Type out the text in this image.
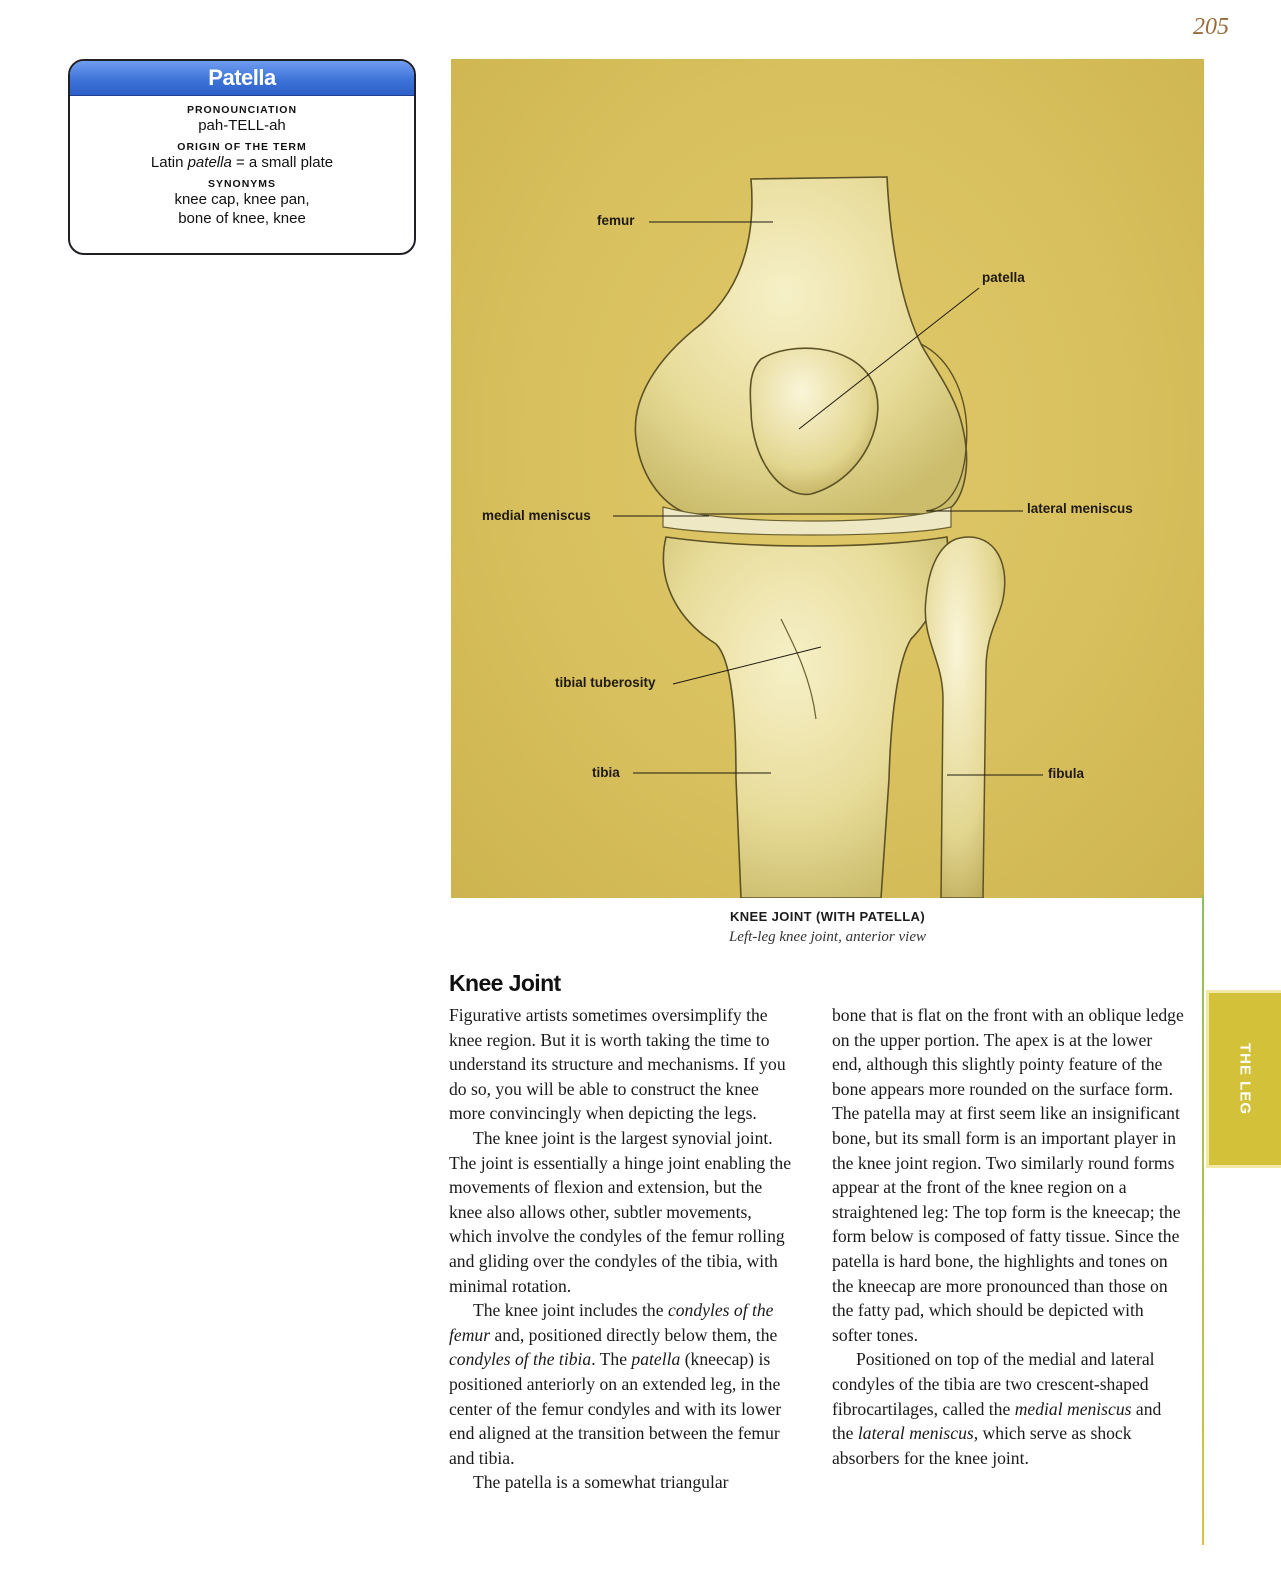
205
Patella
PRONOUNCIATION
pah-TELL-ah
ORIGIN OF THE TERM
Latin patella = a small plate
SYNONYMS
knee cap, knee pan,
bone of knee, knee	femur
patella
medial meniscus	lateral meniscus
tibial tuberosity
tibia	fibula
KNEE JOINT (WITH PATELLA)
Left-leg knee joint, anterior view
THE LEG
Knee Joint

Figurative artists sometimes oversimplify the knee region. But it is worth taking the time to understand its structure and mechanisms. If you do so, you will be able to construct the knee more convincingly when depicting the legs.

The knee joint is the largest synovial joint. The joint is essentially a hinge joint enabling the movements of flexion and extension, but the knee also allows other, subtler movements, which involve the condyles of the femur rolling and gliding over the condyles of the tibia, with minimal rotation.

The knee joint includes the condyles of the femur and, positioned directly below them, the condyles of the tibia. The patella (kneecap) is positioned anteriorly on an extended leg, in the center of the femur condyles and with its lower end aligned at the transition between the femur and tibia.

The patella is a somewhat triangular

bone that is flat on the front with an oblique ledge on the upper portion. The apex is at the lower end, although this slightly pointy feature of the bone appears more rounded on the surface form. The patella may at first seem like an insignificant bone, but its small form is an important player in the knee joint region. Two similarly round forms appear at the front of the knee region on a straightened leg: The top form is the kneecap; the form below is composed of fatty tissue. Since the patella is hard bone, the highlights and tones on the kneecap are more pronounced than those on the fatty pad, which should be depicted with softer tones.

Positioned on top of the medial and lateral condyles of the tibia are two crescent-shaped fibrocartilages, called the medial meniscus and the lateral meniscus, which serve as shock absorbers for the knee joint.
